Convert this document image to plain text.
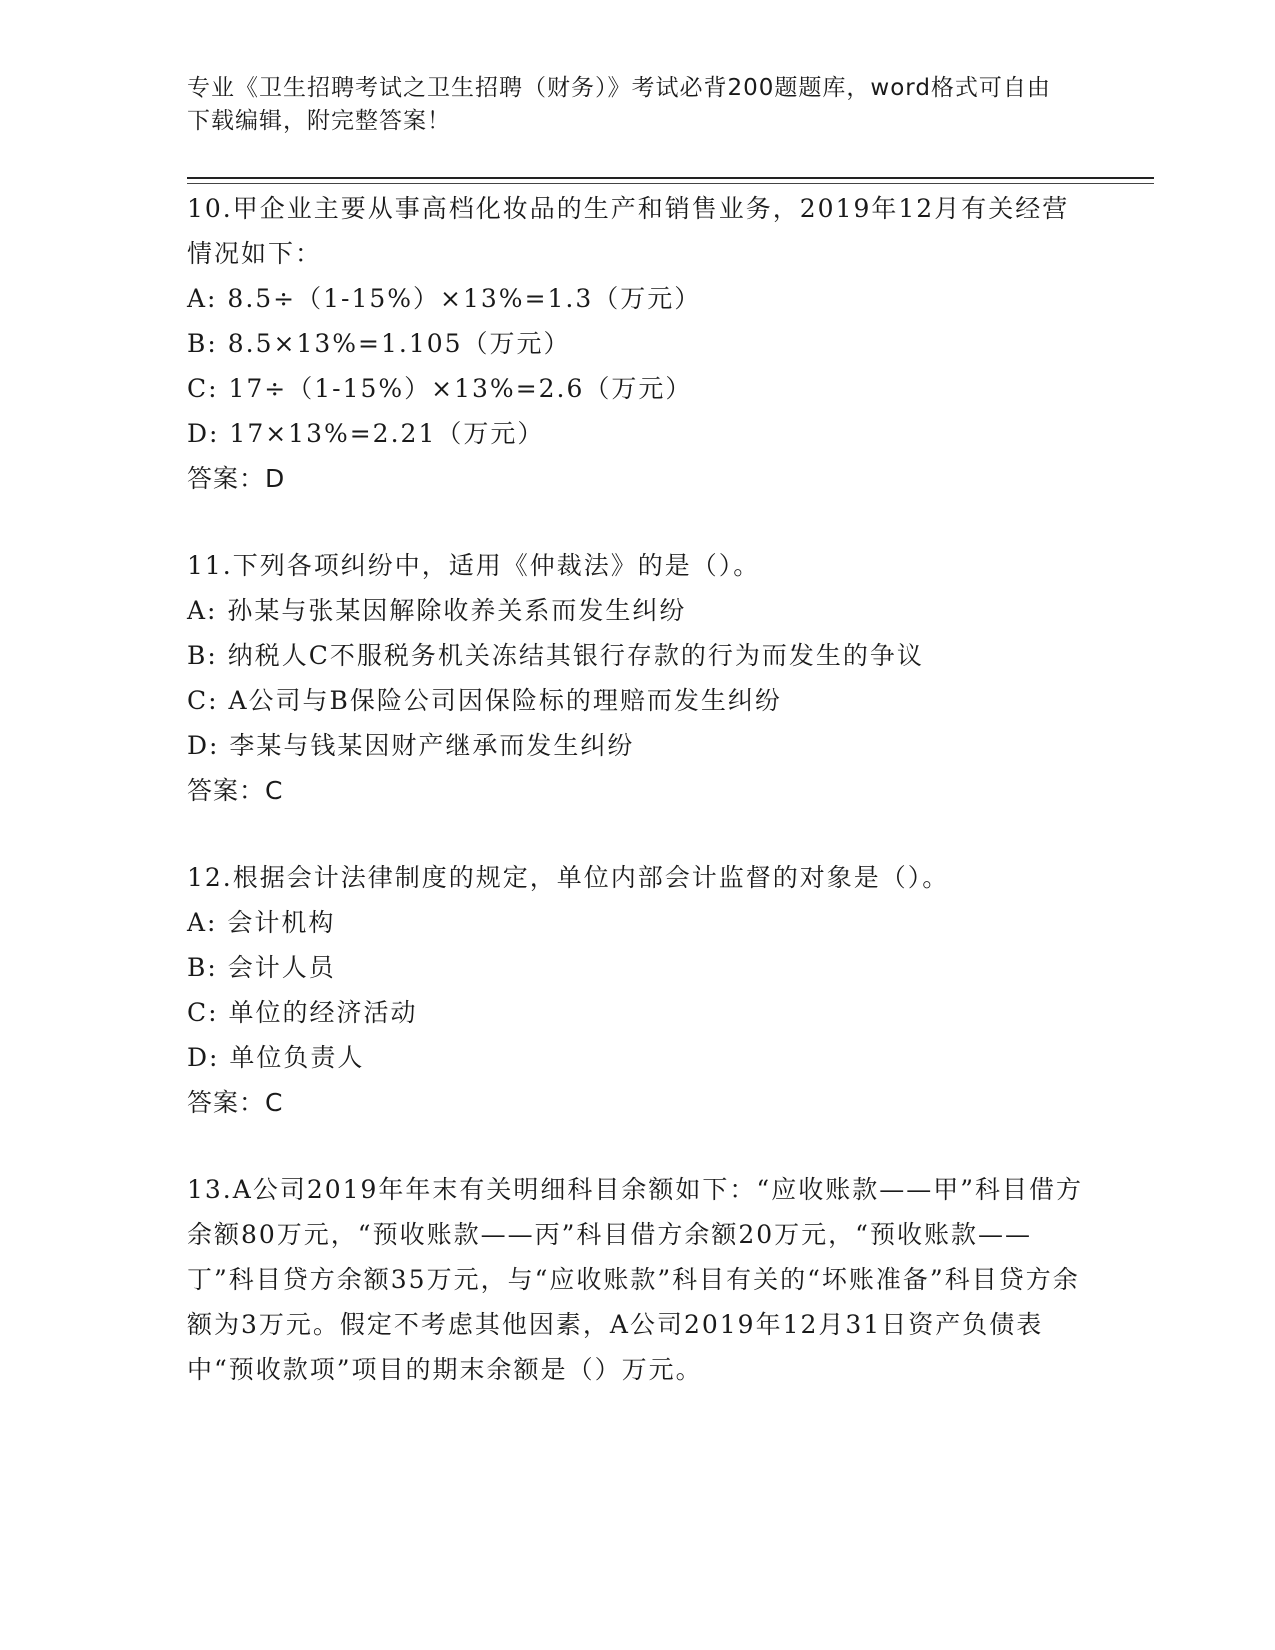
专业《卫生招聘考试之卫生招聘（财务）》考试必背200题题库，word格式可自由下载编辑，附完整答案！

10.甲企业主要从事高档化妆品的生产和销售业务，2019年12月有关经营情况如下：

A: 8.5÷（1-15%）×13%=1.3（万元）

B: 8.5×13%=1.105（万元）

C: 17÷（1-15%）×13%=2.6（万元）

D: 17×13%=2.21（万元）

答案：D

11.下列各项纠纷中，适用《仲裁法》的是（）。

A: 孙某与张某因解除收养关系而发生纠纷

B: 纳税人C不服税务机关冻结其银行存款的行为而发生的争议

C: A公司与B保险公司因保险标的理赔而发生纠纷

D: 李某与钱某因财产继承而发生纠纷

答案：C

12.根据会计法律制度的规定，单位内部会计监督的对象是（）。

A: 会计机构

B: 会计人员

C: 单位的经济活动

D: 单位负责人

答案：C

13.A公司2019年年末有关明细科目余额如下：“应收账款——甲”科目借方余额80万元，“预收账款——丙”科目借方余额20万元，“预收账款——丁”科目贷方余额35万元，与“应收账款”科目有关的“坏账准备”科目贷方余额为3万元。假定不考虑其他因素，A公司2019年12月31日资产负债表中“预收款项”项目的期末余额是（）万元。
